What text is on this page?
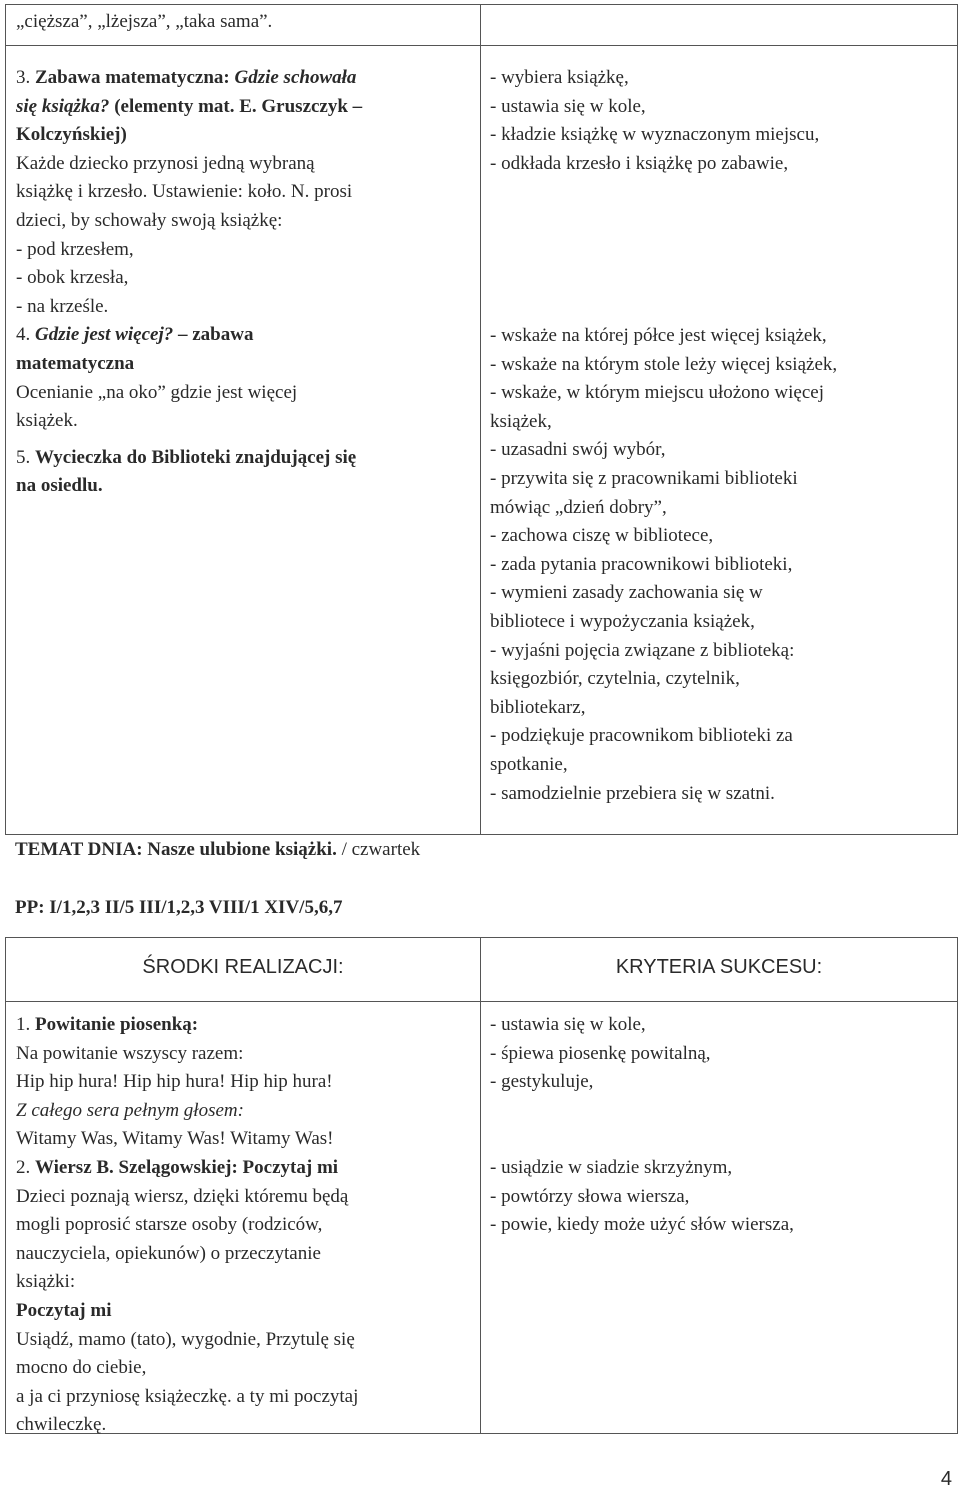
„cięższa”, „lżejsza”, „taka sama”.
3. Zabawa matematyczna: Gdzie schowała
się książka? (elementy mat. E. Gruszczyk –
Kolczyńskiej)
Każde dziecko przynosi jedną wybraną
książkę i krzesło. Ustawienie: koło. N. prosi
dzieci, by schowały swoją książkę:
- pod krzesłem,
- obok krzesła,
- na krześle.
4. Gdzie jest więcej? – zabawa
matematyczna
Ocenianie „na oko” gdzie jest więcej
książek.
5. Wycieczka do Biblioteki znajdującej się
na osiedlu.
- wybiera książkę,
- ustawia się w kole,
- kładzie książkę w wyznaczonym miejscu,
- odkłada krzesło i książkę po zabawie,
- wskaże na której półce jest więcej książek,
- wskaże na którym stole leży więcej książek,
- wskaże, w którym miejscu ułożono więcej
książek,
- uzasadni swój wybór,
- przywita się z pracownikami biblioteki
mówiąc „dzień dobry”,
- zachowa ciszę w bibliotece,
- zada pytania pracownikowi biblioteki,
- wymieni zasady zachowania się w
bibliotece i wypożyczania książek,
- wyjaśni pojęcia związane z biblioteką:
księgozbiór, czytelnia, czytelnik,
bibliotekarz,
- podziękuje pracownikom biblioteki za
spotkanie,
- samodzielnie przebiera się w szatni.
TEMAT DNIA: Nasze ulubione książki. / czwartek
PP: I/1,2,3 II/5 III/1,2,3 VIII/1 XIV/5,6,7
ŚRODKI REALIZACJI:	KRYTERIA SUKCESU:
1. Powitanie piosenką:
Na powitanie wszyscy razem:
Hip hip hura! Hip hip hura! Hip hip hura!
Z całego sera pełnym głosem:
Witamy Was, Witamy Was! Witamy Was!
2. Wiersz B. Szelągowskiej: Poczytaj mi
Dzieci poznają wiersz, dzięki któremu będą
mogli poprosić starsze osoby (rodziców,
nauczyciela, opiekunów) o przeczytanie
książki:
Poczytaj mi
Usiądź, mamo (tato), wygodnie, Przytulę się
mocno do ciebie,
a ja ci przyniosę książeczkę. a ty mi poczytaj
chwileczkę.
- ustawia się w kole,
- śpiewa piosenkę powitalną,
- gestykuluje,
- usiądzie w siadzie skrzyżnym,
- powtórzy słowa wiersza,
- powie, kiedy może użyć słów wiersza,
4
